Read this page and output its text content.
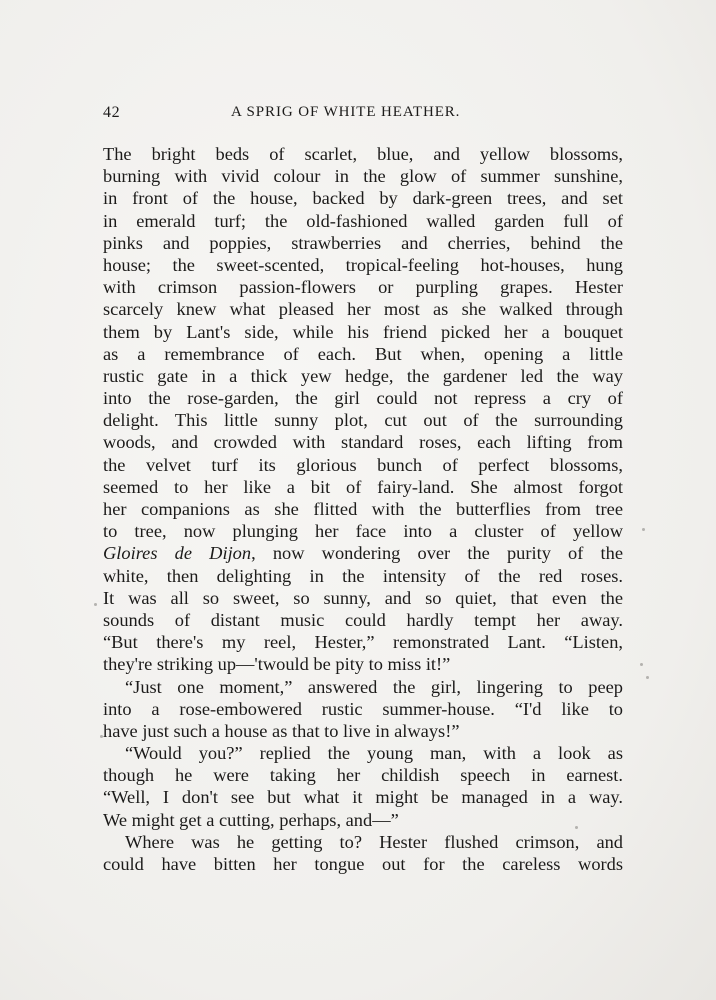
42	A SPRIG OF WHITE HEATHER.
The bright beds of scarlet, blue, and yellow blossoms,
burning with vivid colour in the glow of summer sunshine,
in front of the house, backed by dark-green trees, and set
in emerald turf; the old-fashioned walled garden full of
pinks and poppies, strawberries and cherries, behind the
house; the sweet-scented, tropical-feeling hot-houses, hung
with crimson passion-flowers or purpling grapes. Hester
scarcely knew what pleased her most as she walked through
them by Lant's side, while his friend picked her a bouquet
as a remembrance of each. But when, opening a little
rustic gate in a thick yew hedge, the gardener led the way
into the rose-garden, the girl could not repress a cry of
delight. This little sunny plot, cut out of the surrounding
woods, and crowded with standard roses, each lifting from
the velvet turf its glorious bunch of perfect blossoms,
seemed to her like a bit of fairy-land. She almost forgot
her companions as she flitted with the butterflies from tree
to tree, now plunging her face into a cluster of yellow
Gloires de Dijon, now wondering over the purity of the
white, then delighting in the intensity of the red roses.
It was all so sweet, so sunny, and so quiet, that even the
sounds of distant music could hardly tempt her away.
“But there's my reel, Hester,” remonstrated Lant. “Listen,
they're striking up—'twould be pity to miss it!”
“Just one moment,” answered the girl, lingering to peep
into a rose-embowered rustic summer-house. “I'd like to
have just such a house as that to live in always!”
“Would you?” replied the young man, with a look as
though he were taking her childish speech in earnest.
“Well, I don't see but what it might be managed in a way.
We might get a cutting, perhaps, and—”
Where was he getting to? Hester flushed crimson, and
could have bitten her tongue out for the careless words
